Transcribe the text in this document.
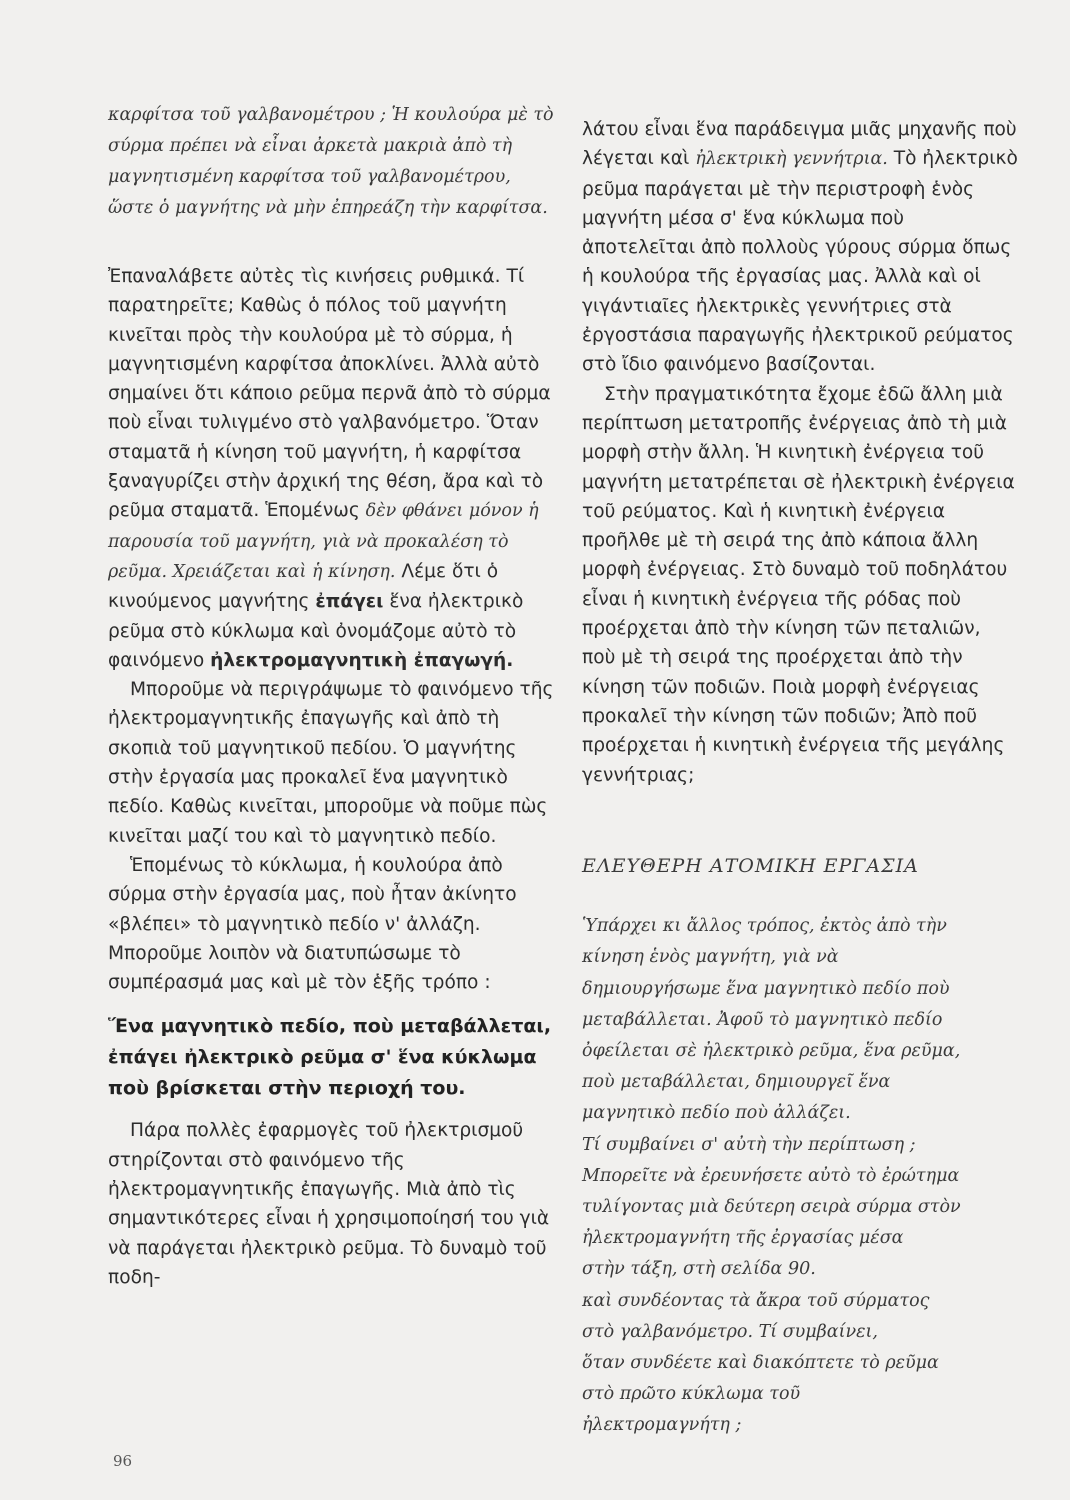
καρφίτσα τοῦ γαλβανομέτρου ; Ἡ κουλούρα μὲ τὸ σύρμα πρέπει νὰ εἶναι ἀρκετὰ μακριὰ ἀπὸ τὴ μαγνητισμένη καρφίτσα τοῦ γαλβανομέτρου, ὥστε ὁ μαγνήτης νὰ μὴν ἐπηρεάζη τὴν καρφίτσα.

Ἐπαναλάβετε αὐτὲς τὶς κινήσεις ρυθμικά. Τί παρατηρεῖτε; Καθὼς ὁ πόλος τοῦ μαγνήτη κινεῖται πρὸς τὴν κουλούρα μὲ τὸ σύρμα, ἡ μαγνητισμένη καρφίτσα ἀποκλίνει. Ἀλλὰ αὐτὸ σημαίνει ὅτι κάποιο ρεῦμα περνᾶ ἀπὸ τὸ σύρμα ποὺ εἶναι τυλιγμένο στὸ γαλβανόμετρο. Ὅταν σταματᾶ ἡ κίνηση τοῦ μαγνήτη, ἡ καρφίτσα ξαναγυρίζει στὴν ἀρχική της θέση, ἄρα καὶ τὸ ρεῦμα σταματᾶ. Ἑπομένως δὲν φθάνει μόνον ἡ παρουσία τοῦ μαγνήτη, γιὰ νὰ προκαλέση τὸ ρεῦμα. Χρειάζεται καὶ ἡ κίνηση. Λέμε ὅτι ὁ κινούμενος μαγνήτης ἐπάγει ἕνα ἠλεκτρικὸ ρεῦμα στὸ κύκλωμα καὶ ὀνομάζομε αὐτὸ τὸ φαινόμενο ἠλεκτρομαγνητικὴ ἐπαγωγή.

Μποροῦμε νὰ περιγράψωμε τὸ φαινόμενο τῆς ἠλεκτρομαγνητικῆς ἐπαγωγῆς καὶ ἀπὸ τὴ σκοπιὰ τοῦ μαγνητικοῦ πεδίου. Ὁ μαγνήτης στὴν ἐργασία μας προκαλεῖ ἕνα μαγνητικὸ πεδίο. Καθὼς κινεῖται, μποροῦμε νὰ ποῦμε πὼς κινεῖται μαζί του καὶ τὸ μαγνητικὸ πεδίο.

Ἑπομένως τὸ κύκλωμα, ἡ κουλούρα ἀπὸ σύρμα στὴν ἐργασία μας, ποὺ ἦταν ἀκίνητο «βλέπει» τὸ μαγνητικὸ πεδίο ν' ἀλλάζη. Μποροῦμε λοιπὸν νὰ διατυπώσωμε τὸ συμπέρασμά μας καὶ μὲ τὸν ἑξῆς τρόπο :

Ἕνα μαγνητικὸ πεδίο, ποὺ μεταβάλλεται, ἐπάγει ἠλεκτρικὸ ρεῦμα σ' ἕνα κύκλωμα ποὺ βρίσκεται στὴν περιοχή του.

Πάρα πολλὲς ἐφαρμογὲς τοῦ ἠλεκτρισμοῦ στηρίζονται στὸ φαινόμενο τῆς ἠλεκτρομαγνητικῆς ἐπαγωγῆς. Μιὰ ἀπὸ τὶς σημαντικότερες εἶναι ἡ χρησιμοποίησή του γιὰ νὰ παράγεται ἠλεκτρικὸ ρεῦμα. Τὸ δυναμὸ τοῦ ποδη-

λάτου εἶναι ἕνα παράδειγμα μιᾶς μηχανῆς ποὺ λέγεται καὶ ἠλεκτρικὴ γεννήτρια. Τὸ ἠλεκτρικὸ ρεῦμα παράγεται μὲ τὴν περιστροφὴ ἑνὸς μαγνήτη μέσα σ' ἕνα κύκλωμα ποὺ ἀποτελεῖται ἀπὸ πολλοὺς γύρους σύρμα ὅπως ἡ κουλούρα τῆς ἐργασίας μας. Ἀλλὰ καὶ οἱ γιγάντιαῖες ἠλεκτρικὲς γεννήτριες στὰ ἐργοστάσια παραγωγῆς ἠλεκτρικοῦ ρεύματος στὸ ἴδιο φαινόμενο βασίζονται.

Στὴν πραγματικότητα ἔχομε ἐδῶ ἄλλη μιὰ περίπτωση μετατροπῆς ἐνέργειας ἀπὸ τὴ μιὰ μορφὴ στὴν ἄλλη. Ἡ κινητικὴ ἐνέργεια τοῦ μαγνήτη μετατρέπεται σὲ ἠλεκτρικὴ ἐνέργεια τοῦ ρεύματος. Καὶ ἡ κινητικὴ ἐνέργεια προῆλθε μὲ τὴ σειρά της ἀπὸ κάποια ἄλλη μορφὴ ἐνέργειας. Στὸ δυναμὸ τοῦ ποδηλάτου εἶναι ἡ κινητικὴ ἐνέργεια τῆς ρόδας ποὺ προέρχεται ἀπὸ τὴν κίνηση τῶν πεταλιῶν, ποὺ μὲ τὴ σειρά της προέρχεται ἀπὸ τὴν κίνηση τῶν ποδιῶν. Ποιὰ μορφὴ ἐνέργειας προκαλεῖ τὴν κίνηση τῶν ποδιῶν; Ἀπὸ ποῦ προέρχεται ἡ κινητικὴ ἐνέργεια τῆς μεγάλης γεννήτριας;

ΕΛΕΥΘΕΡΗ ΑΤΟΜΙΚΗ ΕΡΓΑΣΙΑ
Ὑπάρχει κι ἄλλος τρόπος, ἐκτὸς ἀπὸ τὴν
κίνηση ἑνὸς μαγνήτη, γιὰ νὰ
δημιουργήσωμε ἕνα μαγνητικὸ πεδίο ποὺ
μεταβάλλεται. Ἀφοῦ τὸ μαγνητικὸ πεδίο
ὀφείλεται σὲ ἠλεκτρικὸ ρεῦμα, ἕνα ρεῦμα,
ποὺ μεταβάλλεται, δημιουργεῖ ἕνα
μαγνητικὸ πεδίο ποὺ ἀλλάζει.
Τί συμβαίνει σ' αὐτὴ τὴν περίπτωση ;
Μπορεῖτε νὰ ἐρευνήσετε αὐτὸ τὸ ἐρώτημα
τυλίγοντας μιὰ δεύτερη σειρὰ σύρμα στὸν
ἠλεκτρομαγνήτη τῆς ἐργασίας μέσα
στὴν τάξη, στὴ σελίδα 90.
καὶ συνδέοντας τὰ ἄκρα τοῦ σύρματος
στὸ γαλβανόμετρο. Τί συμβαίνει,
ὅταν συνδέετε καὶ διακόπτετε τὸ ρεῦμα
στὸ πρῶτο κύκλωμα τοῦ
ἠλεκτρομαγνήτη ;
96
